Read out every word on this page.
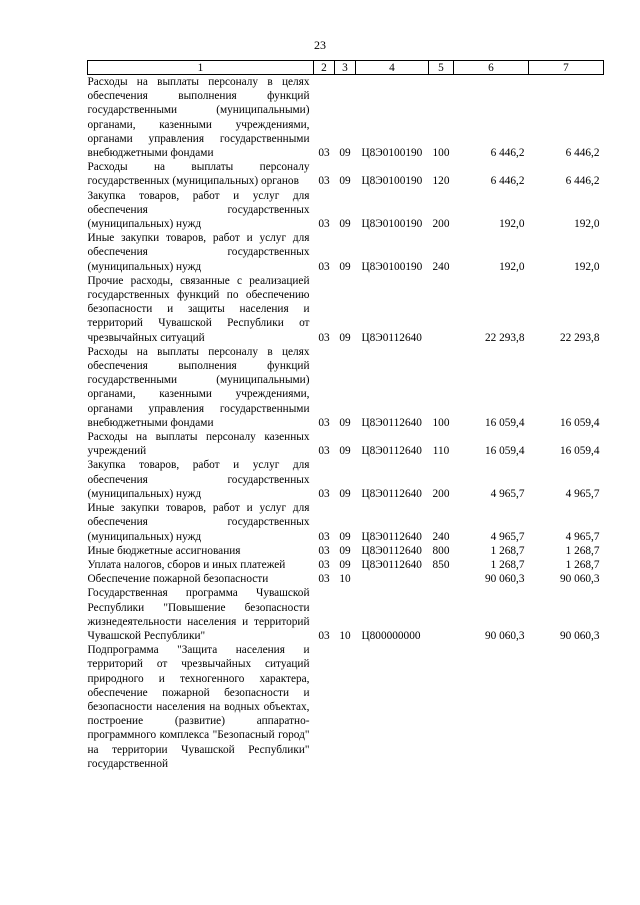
23
1	2	3	4	5	6	7
Расходы на выплаты персоналу в целях обеспечения выполнения функций государственными (муниципальными) органами, казенными учреждениями, органами управления государственными внебюджетными фондами	03	09	Ц8Э0100190	100	6 446,2	6 446,2
Расходы на выплаты персоналу государственных (муниципальных) органов	03	09	Ц8Э0100190	120	6 446,2	6 446,2
Закупка товаров, работ и услуг для обеспечения государственных (муниципальных) нужд	03	09	Ц8Э0100190	200	192,0	192,0
Иные закупки товаров, работ и услуг для обеспечения государственных (муниципальных) нужд	03	09	Ц8Э0100190	240	192,0	192,0
Прочие расходы, связанные с реализацией государственных функций по обеспечению безопасности и защиты населения и территорий Чувашской Республики от чрезвычайных ситуаций	03	09	Ц8Э0112640		22 293,8	22 293,8
Расходы на выплаты персоналу в целях обеспечения выполнения функций государственными (муниципальными) органами, казенными учреждениями, органами управления государственными внебюджетными фондами	03	09	Ц8Э0112640	100	16 059,4	16 059,4
Расходы на выплаты персоналу казенных учреждений	03	09	Ц8Э0112640	110	16 059,4	16 059,4
Закупка товаров, работ и услуг для обеспечения государственных (муниципальных) нужд	03	09	Ц8Э0112640	200	4 965,7	4 965,7
Иные закупки товаров, работ и услуг для обеспечения государственных (муниципальных) нужд	03	09	Ц8Э0112640	240	4 965,7	4 965,7
Иные бюджетные ассигнования	03	09	Ц8Э0112640	800	1 268,7	1 268,7
Уплата налогов, сборов и иных платежей	03	09	Ц8Э0112640	850	1 268,7	1 268,7
Обеспечение пожарной безопасности	03	10			90 060,3	90 060,3
Государственная программа Чувашской Республики "Повышение безопасности жизнедеятельности населения и территорий Чувашской Республики"	03	10	Ц800000000		90 060,3	90 060,3
Подпрограмма "Защита населения и территорий от чрезвычайных ситуаций природного и техногенного характера, обеспечение пожарной безопасности и безопасности населения на водных объектах, построение (развитие) аппаратно-программного комплекса "Безопасный город" на территории Чувашской Республики" государственной						
